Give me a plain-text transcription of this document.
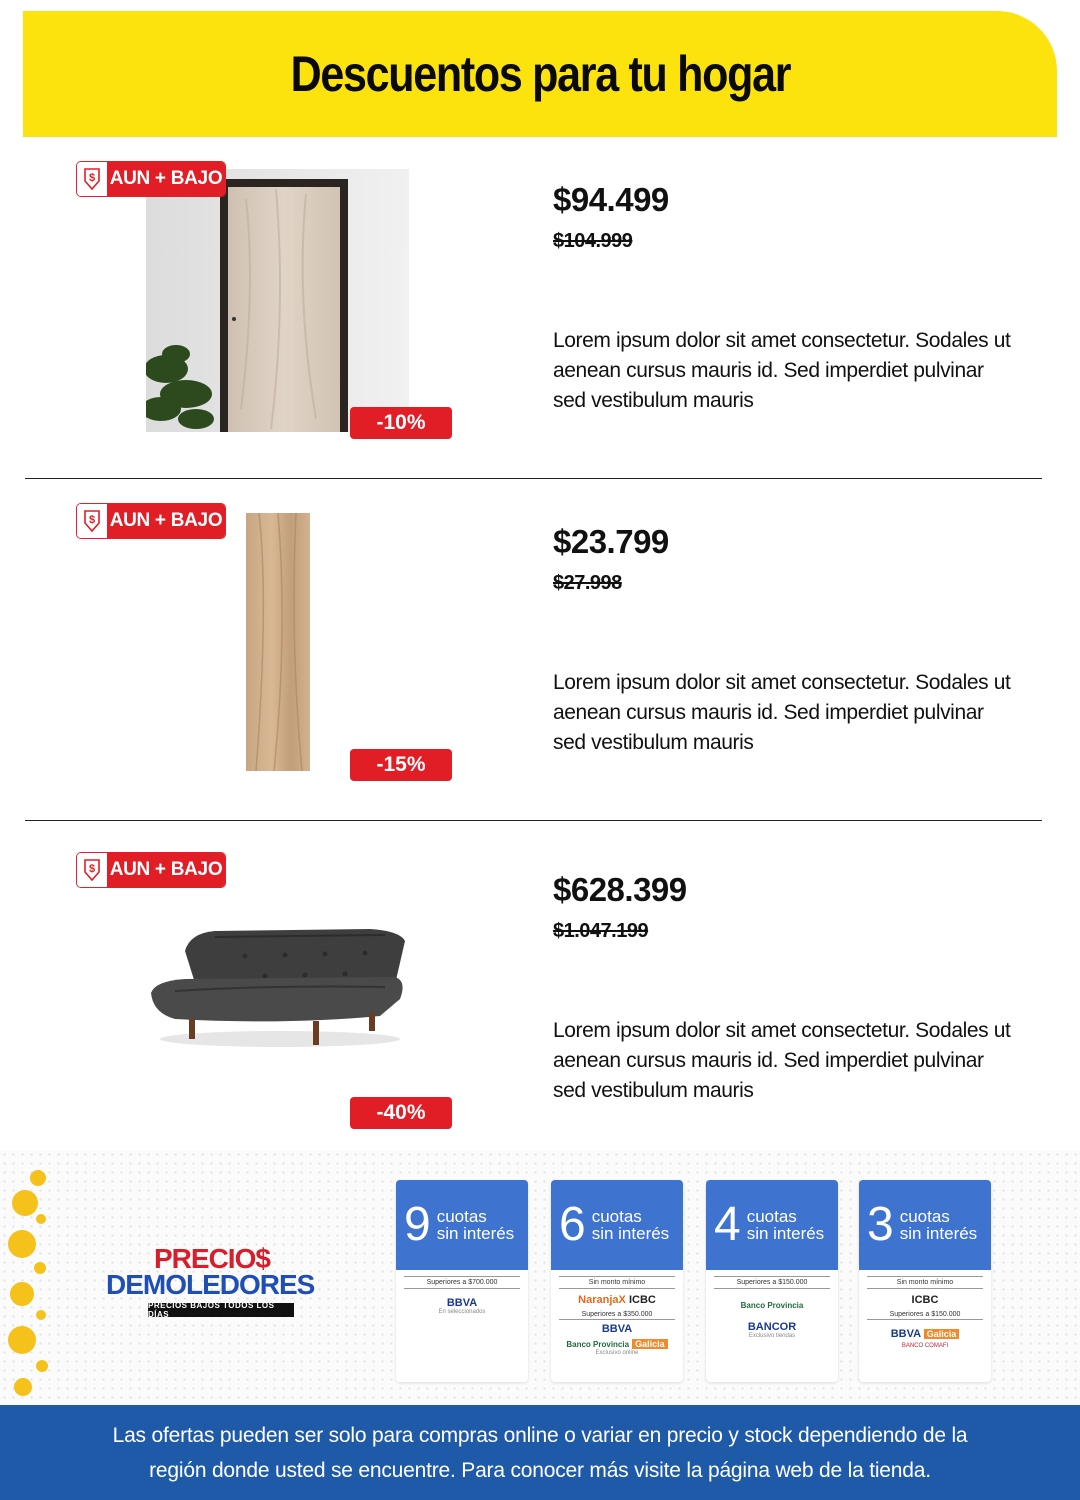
Descuentos para tu hogar
$ AUN + BAJO
-10%
$94.499
$104.999
Lorem ipsum dolor sit amet consectetur. Sodales ut aenean cursus mauris id. Sed imperdiet pulvinar sed vestibulum mauris
$ AUN + BAJO
-15%
$23.799
$27.998
Lorem ipsum dolor sit amet consectetur. Sodales ut aenean cursus mauris id. Sed imperdiet pulvinar sed vestibulum mauris
$ AUN + BAJO
-40%
$628.399
$1.047.199
Lorem ipsum dolor sit amet consectetur. Sodales ut aenean cursus mauris id. Sed imperdiet pulvinar sed vestibulum mauris
PRECIO$
DEMOLEDORES
PRECIOS BAJOS TODOS LOS DÍAS
9 cuotas
sin interés
Superiores a $700.000
BBVA
En seleccionados
6 cuotas
sin interés
Sin monto mínimo
NaranjaX ICBC
Superiores a $350.000
BBVA
Banco Provincia Galicia
Exclusivo online
4 cuotas
sin interés
Superiores a $150.000
Banco Provincia
BANCOR
Exclusivo tiendas
3 cuotas
sin interés
Sin monto mínimo
ICBC
Superiores a $150.000
BBVA Galicia
BANCO COMAFI
Las ofertas pueden ser solo para compras online o variar en precio y stock dependiendo de la
región donde usted se encuentre. Para conocer más visite la página web de la tienda.
